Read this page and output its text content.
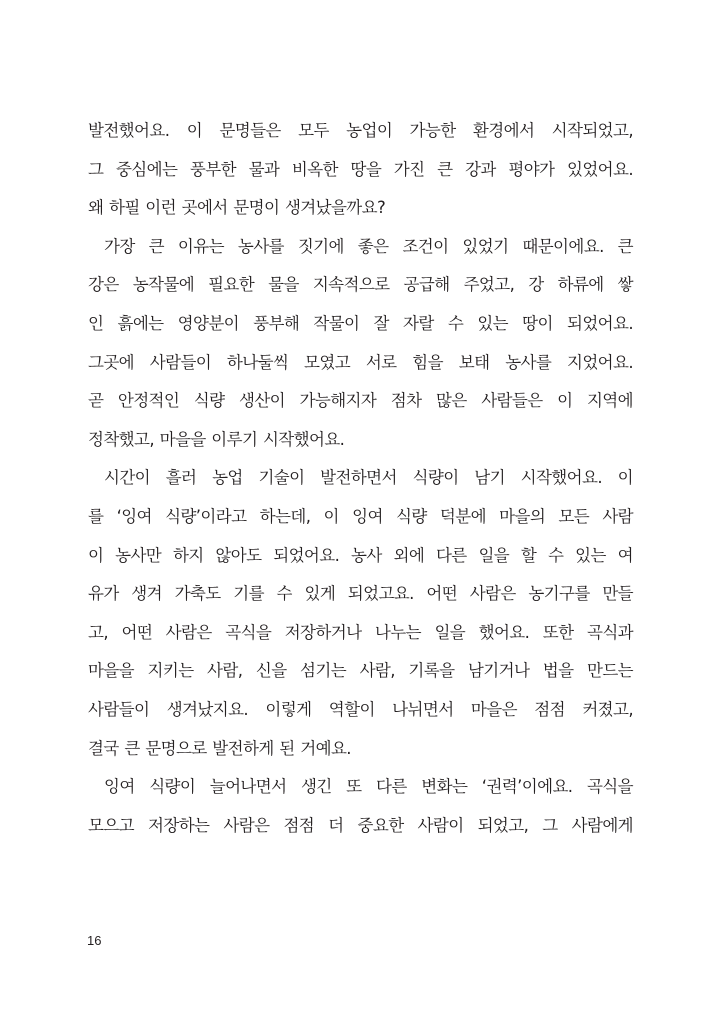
발전했어요. 이 문명들은 모두 농업이 가능한 환경에서 시작되었고,
그 중심에는 풍부한 물과 비옥한 땅을 가진 큰 강과 평야가 있었어요.
왜 하필 이런 곳에서 문명이 생겨났을까요?
가장 큰 이유는 농사를 짓기에 좋은 조건이 있었기 때문이에요. 큰
강은 농작물에 필요한 물을 지속적으로 공급해 주었고, 강 하류에 쌓
인 흙에는 영양분이 풍부해 작물이 잘 자랄 수 있는 땅이 되었어요.
그곳에 사람들이 하나둘씩 모였고 서로 힘을 보태 농사를 지었어요.
곧 안정적인 식량 생산이 가능해지자 점차 많은 사람들은 이 지역에
정착했고, 마을을 이루기 시작했어요.
시간이 흘러 농업 기술이 발전하면서 식량이 남기 시작했어요. 이
를 ‘잉여 식량’이라고 하는데, 이 잉여 식량 덕분에 마을의 모든 사람
이 농사만 하지 않아도 되었어요. 농사 외에 다른 일을 할 수 있는 여
유가 생겨 가축도 기를 수 있게 되었고요. 어떤 사람은 농기구를 만들
고, 어떤 사람은 곡식을 저장하거나 나누는 일을 했어요. 또한 곡식과
마을을 지키는 사람, 신을 섬기는 사람, 기록을 남기거나 법을 만드는
사람들이 생겨났지요. 이렇게 역할이 나뉘면서 마을은 점점 커졌고,
결국 큰 문명으로 발전하게 된 거예요.
잉여 식량이 늘어나면서 생긴 또 다른 변화는 ‘권력’이에요. 곡식을
모으고 저장하는 사람은 점점 더 중요한 사람이 되었고, 그 사람에게
16
